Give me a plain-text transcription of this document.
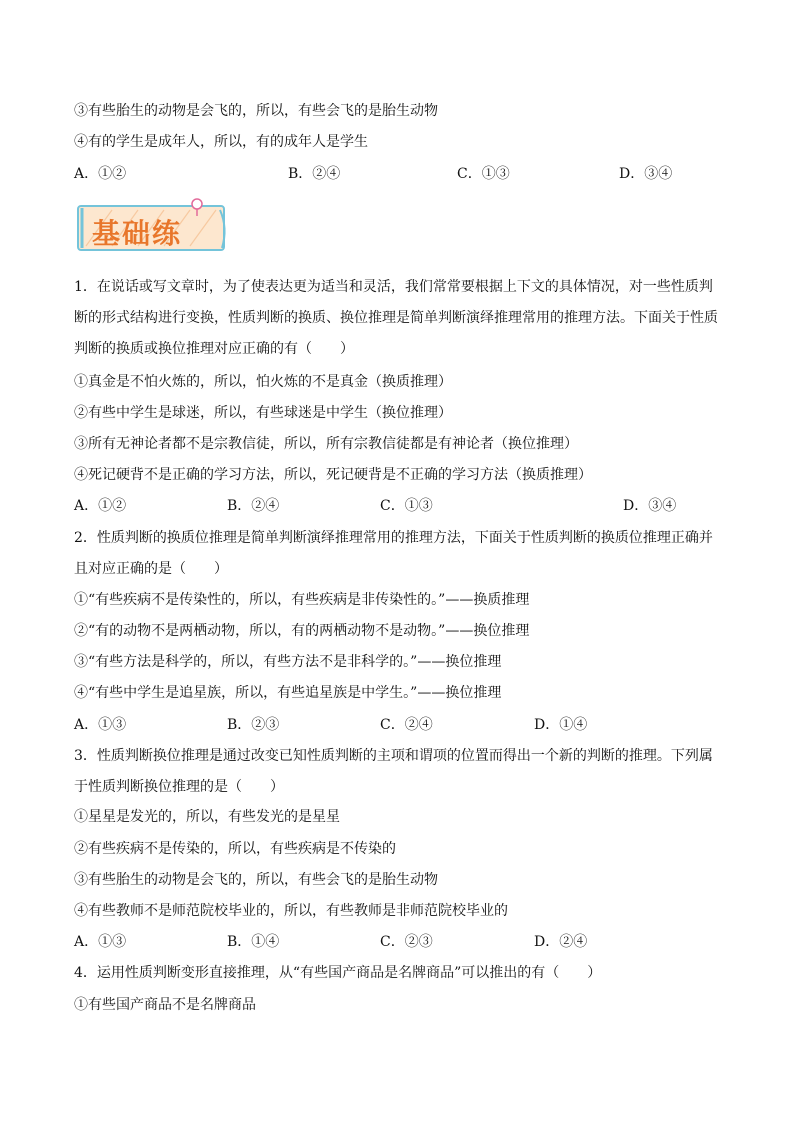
③有些胎生的动物是会飞的，所以，有些会飞的是胎生动物
④有的学生是成年人，所以，有的成年人是学生
A．①②	B．②④	C．①③	D．③④
基础练
1．在说话或写文章时，为了使表达更为适当和灵活，我们常常要根据上下文的具体情况，对一些性质判断的形式结构进行变换，性质判断的换质、换位推理是简单判断演绎推理常用的推理方法。下面关于性质判断的换质或换位推理对应正确的有（　　）
①真金是不怕火炼的，所以，怕火炼的不是真金（换质推理）
②有些中学生是球迷，所以，有些球迷是中学生（换位推理）
③所有无神论者都不是宗教信徒，所以，所有宗教信徒都是有神论者（换位推理）
④死记硬背不是正确的学习方法，所以，死记硬背是不正确的学习方法（换质推理）
A．①②	B．②④	C．①③	D．③④
2．性质判断的换质位推理是简单判断演绎推理常用的推理方法，下面关于性质判断的换质位推理正确并且对应正确的是（　　）
①“有些疾病不是传染性的，所以，有些疾病是非传染性的。”——换质推理
②“有的动物不是两栖动物，所以，有的两栖动物不是动物。”——换位推理
③“有些方法是科学的，所以，有些方法不是非科学的。”——换位推理
④“有些中学生是追星族，所以，有些追星族是中学生。”——换位推理
A．①③	B．②③	C．②④	D．①④
3．性质判断换位推理是通过改变已知性质判断的主项和谓项的位置而得出一个新的判断的推理。下列属于性质判断换位推理的是（　　）
①星星是发光的，所以，有些发光的是星星
②有些疾病不是传染的，所以，有些疾病是不传染的
③有些胎生的动物是会飞的，所以，有些会飞的是胎生动物
④有些教师不是师范院校毕业的，所以，有些教师是非师范院校毕业的
A．①③	B．①④	C．②③	D．②④
4．运用性质判断变形直接推理，从“有些国产商品是名牌商品”可以推出的有（　　）
①有些国产商品不是名牌商品
